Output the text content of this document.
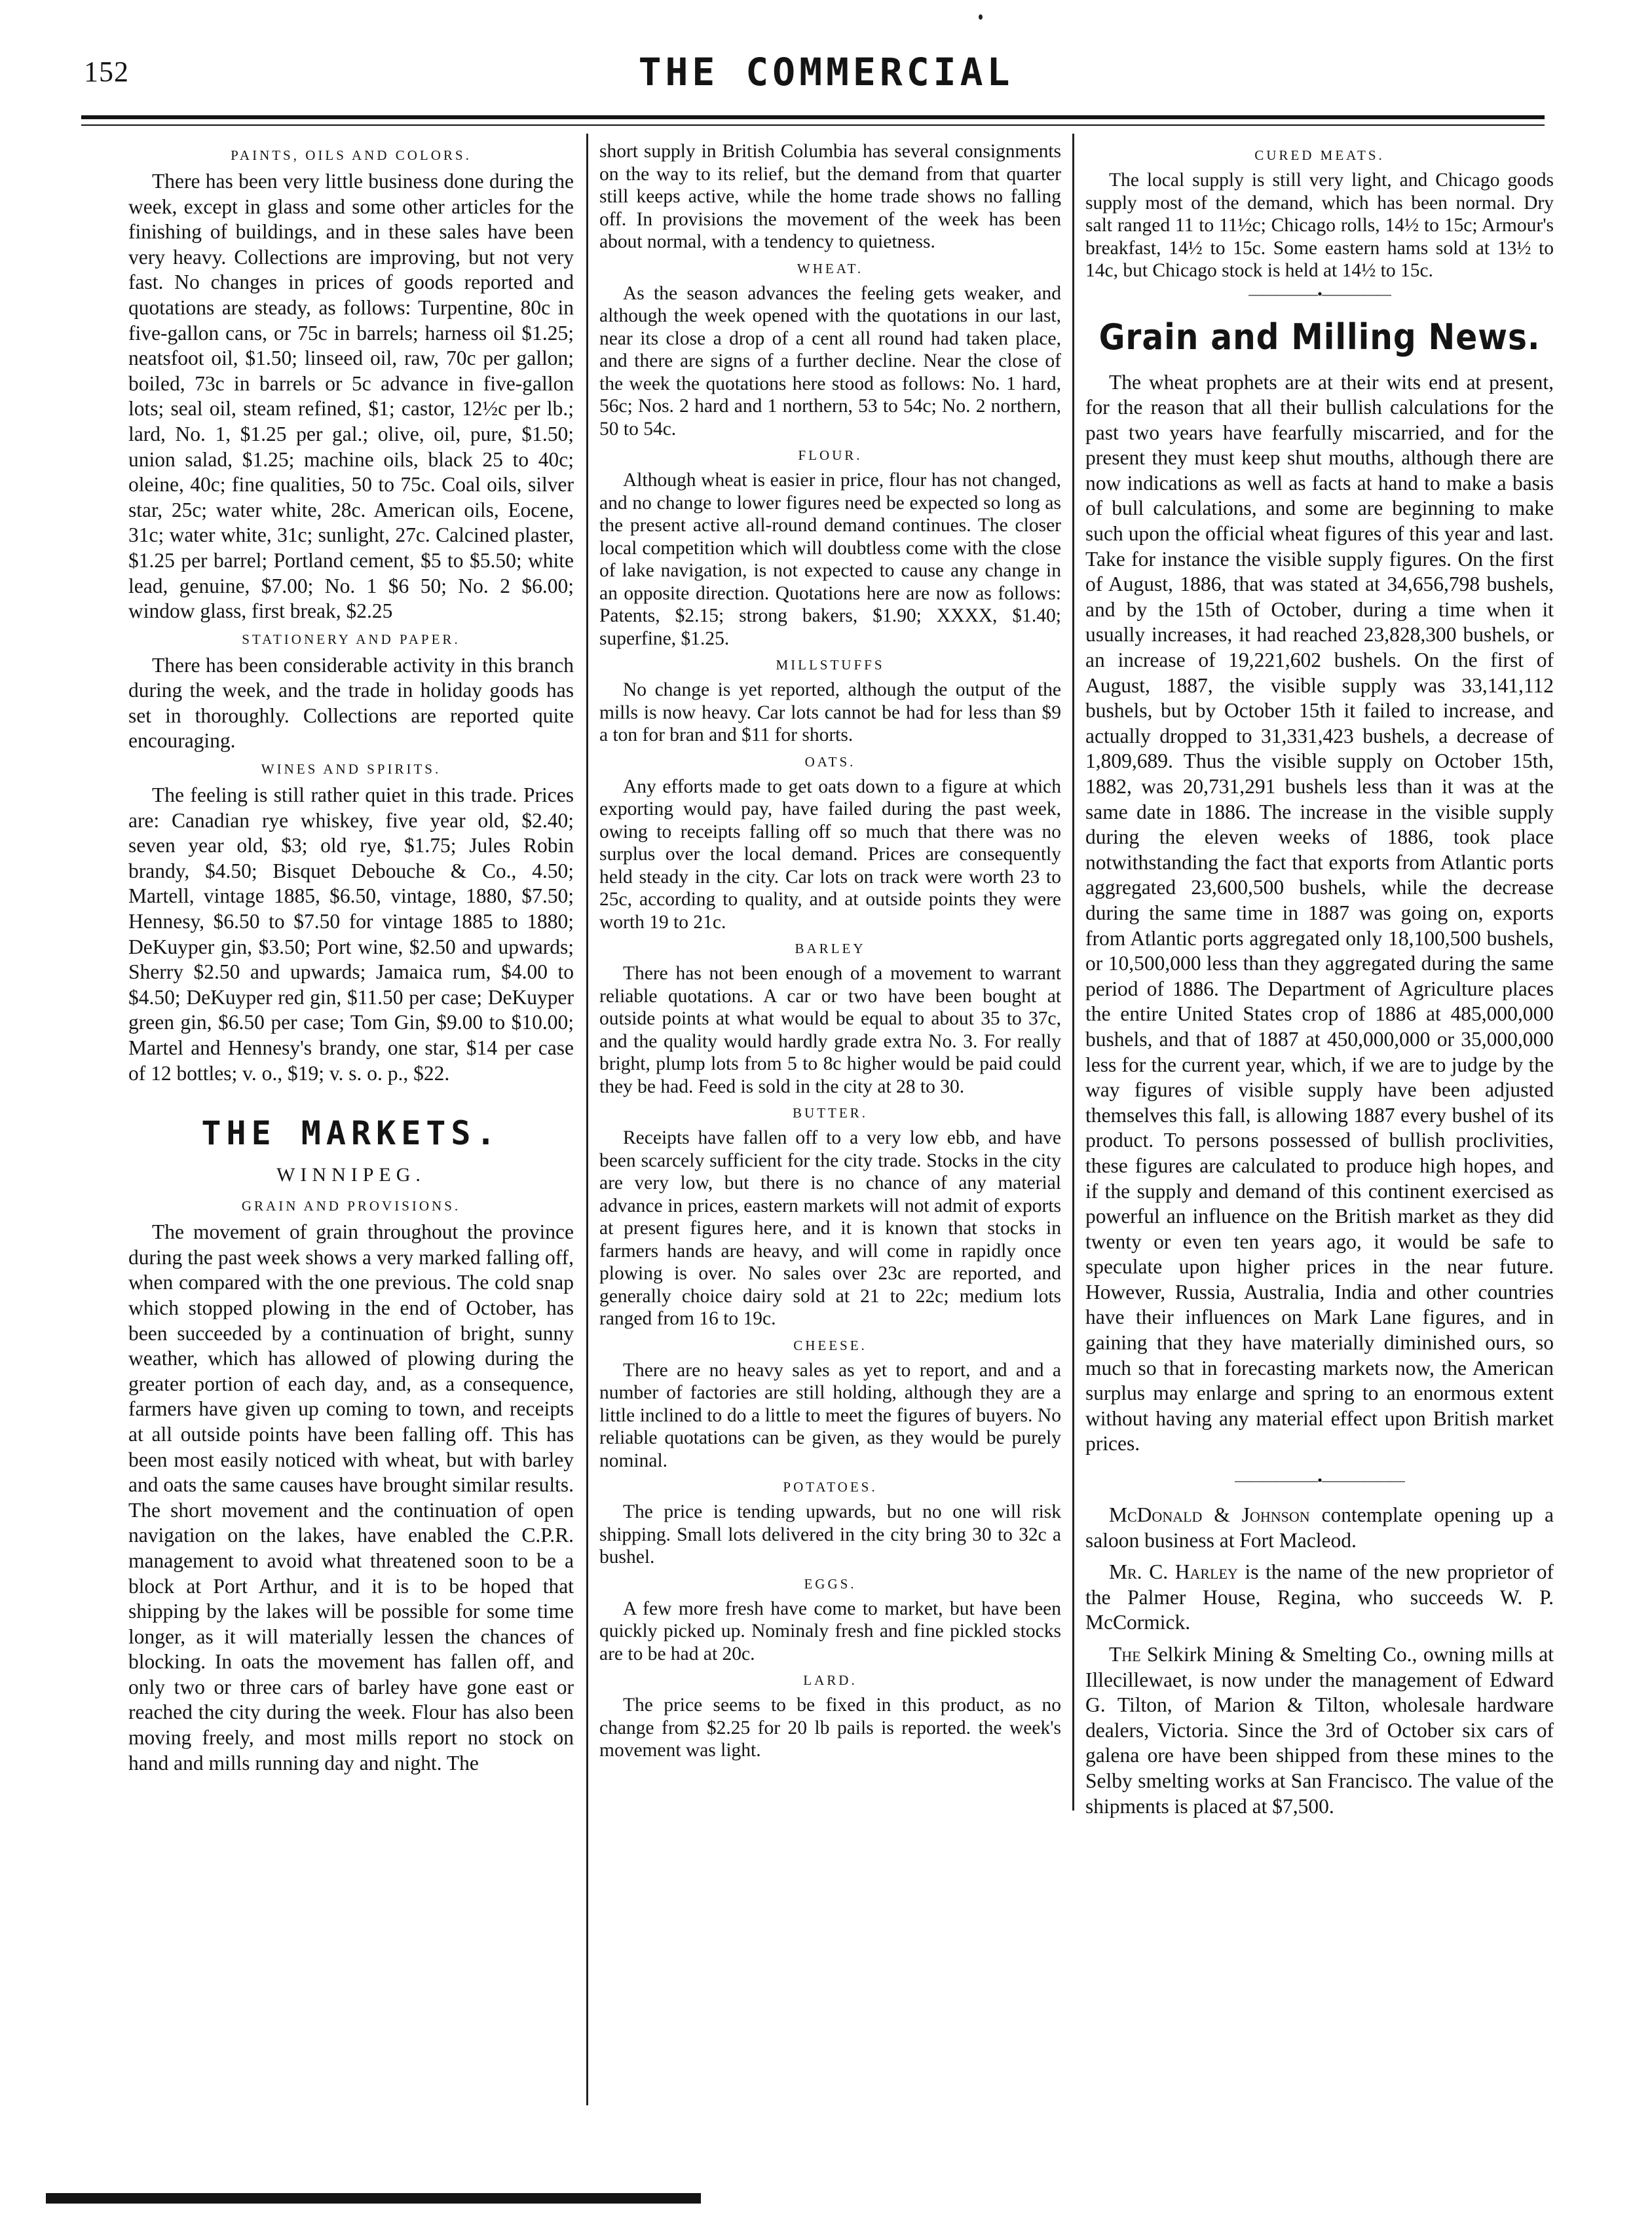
152	THE COMMERCIAL
PAINTS, OILS AND COLORS.

There has been very little business done during the week, except in glass and some other articles for the finishing of buildings, and in these sales have been very heavy. Collections are improving, but not very fast. No changes in prices of goods reported and quotations are steady, as follows: Turpentine, 80c in five-gallon cans, or 75c in barrels; harness oil $1.25; neatsfoot oil, $1.50; linseed oil, raw, 70c per gallon; boiled, 73c in barrels or 5c advance in five-gallon lots; seal oil, steam refined, $1; castor, 12½c per lb.; lard, No. 1, $1.25 per gal.; olive, oil, pure, $1.50; union salad, $1.25; machine oils, black 25 to 40c; oleine, 40c; fine qualities, 50 to 75c. Coal oils, silver star, 25c; water white, 28c. American oils, Eocene, 31c; water white, 31c; sunlight, 27c. Calcined plaster, $1.25 per barrel; Portland cement, $5 to $5.50; white lead, genuine, $7.00; No. 1 $6 50; No. 2 $6.00; window glass, first break, $2.25

STATIONERY AND PAPER.

There has been considerable activity in this branch during the week, and the trade in holiday goods has set in thoroughly. Collections are reported quite encouraging.

WINES AND SPIRITS.

The feeling is still rather quiet in this trade. Prices are: Canadian rye whiskey, five year old, $2.40; seven year old, $3; old rye, $1.75; Jules Robin brandy, $4.50; Bisquet Debouche & Co., 4.50; Martell, vintage 1885, $6.50, vintage, 1880, $7.50; Hennesy, $6.50 to $7.50 for vintage 1885 to 1880; DeKuyper gin, $3.50; Port wine, $2.50 and upwards; Sherry $2.50 and upwards; Jamaica rum, $4.00 to $4.50; DeKuyper red gin, $11.50 per case; DeKuyper green gin, $6.50 per case; Tom Gin, $9.00 to $10.00; Martel and Hennesy's brandy, one star, $14 per case of 12 bottles; v. o., $19; v. s. o. p., $22.

THE MARKETS.
WINNIPEG.
GRAIN AND PROVISIONS.

The movement of grain throughout the province during the past week shows a very marked falling off, when compared with the one previous. The cold snap which stopped plowing in the end of October, has been succeeded by a continuation of bright, sunny weather, which has allowed of plowing during the greater portion of each day, and, as a consequence, farmers have given up coming to town, and receipts at all outside points have been falling off. This has been most easily noticed with wheat, but with barley and oats the same causes have brought similar results. The short movement and the continuation of open navigation on the lakes, have enabled the C.P.R. management to avoid what threatened soon to be a block at Port Arthur, and it is to be hoped that shipping by the lakes will be possible for some time longer, as it will materially lessen the chances of blocking. In oats the movement has fallen off, and only two or three cars of barley have gone east or reached the city during the week. Flour has also been moving freely, and most mills report no stock on hand and mills running day and night. The

short supply in British Columbia has several consignments on the way to its relief, but the demand from that quarter still keeps active, while the home trade shows no falling off. In provisions the movement of the week has been about normal, with a tendency to quietness.

WHEAT.

As the season advances the feeling gets weaker, and although the week opened with the quotations in our last, near its close a drop of a cent all round had taken place, and there are signs of a further decline. Near the close of the week the quotations here stood as follows: No. 1 hard, 56c; Nos. 2 hard and 1 northern, 53 to 54c; No. 2 northern, 50 to 54c.

FLOUR.

Although wheat is easier in price, flour has not changed, and no change to lower figures need be expected so long as the present active all-round demand continues. The closer local competition which will doubtless come with the close of lake navigation, is not expected to cause any change in an opposite direction. Quotations here are now as follows: Patents, $2.15; strong bakers, $1.90; XXXX, $1.40; superfine, $1.25.

MILLSTUFFS

No change is yet reported, although the output of the mills is now heavy. Car lots cannot be had for less than $9 a ton for bran and $11 for shorts.

OATS.

Any efforts made to get oats down to a figure at which exporting would pay, have failed during the past week, owing to receipts falling off so much that there was no surplus over the local demand. Prices are consequently held steady in the city. Car lots on track were worth 23 to 25c, according to quality, and at outside points they were worth 19 to 21c.

BARLEY

There has not been enough of a movement to warrant reliable quotations. A car or two have been bought at outside points at what would be equal to about 35 to 37c, and the quality would hardly grade extra No. 3. For really bright, plump lots from 5 to 8c higher would be paid could they be had. Feed is sold in the city at 28 to 30.

BUTTER.

Receipts have fallen off to a very low ebb, and have been scarcely sufficient for the city trade. Stocks in the city are very low, but there is no chance of any material advance in prices, eastern markets will not admit of exports at present figures here, and it is known that stocks in farmers hands are heavy, and will come in rapidly once plowing is over. No sales over 23c are reported, and generally choice dairy sold at 21 to 22c; medium lots ranged from 16 to 19c.

CHEESE.

There are no heavy sales as yet to report, and and a number of factories are still holding, although they are a little inclined to do a little to meet the figures of buyers. No reliable quotations can be given, as they would be purely nominal.

POTATOES.

The price is tending upwards, but no one will risk shipping. Small lots delivered in the city bring 30 to 32c a bushel.

EGGS.

A few more fresh have come to market, but have been quickly picked up. Nominaly fresh and fine pickled stocks are to be had at 20c.

LARD.

The price seems to be fixed in this product, as no change from $2.25 for 20 lb pails is reported. the week's movement was light.

CURED MEATS.

The local supply is still very light, and Chicago goods supply most of the demand, which has been normal. Dry salt ranged 11 to 11½c; Chicago rolls, 14½ to 15c; Armour's breakfast, 14½ to 15c. Some eastern hams sold at 13½ to 14c, but Chicago stock is held at 14½ to 15c.

—————•—————
Grain and Milling News.

The wheat prophets are at their wits end at present, for the reason that all their bullish calculations for the past two years have fearfully miscarried, and for the present they must keep shut mouths, although there are now indications as well as facts at hand to make a basis of bull calculations, and some are beginning to make such upon the official wheat figures of this year and last. Take for instance the visible supply figures. On the first of August, 1886, that was stated at 34,656,798 bushels, and by the 15th of October, during a time when it usually increases, it had reached 23,828,300 bushels, or an increase of 19,221,602 bushels. On the first of August, 1887, the visible supply was 33,141,112 bushels, but by October 15th it failed to increase, and actually dropped to 31,331,423 bushels, a decrease of 1,809,689. Thus the visible supply on October 15th, 1882, was 20,731,291 bushels less than it was at the same date in 1886. The increase in the visible supply during the eleven weeks of 1886, took place notwithstanding the fact that exports from Atlantic ports aggregated 23,600,500 bushels, while the decrease during the same time in 1887 was going on, exports from Atlantic ports aggregated only 18,100,500 bushels, or 10,500,000 less than they aggregated during the same period of 1886. The Department of Agriculture places the entire United States crop of 1886 at 485,000,000 bushels, and that of 1887 at 450,000,000 or 35,000,000 less for the current year, which, if we are to judge by the way figures of visible supply have been adjusted themselves this fall, is allowing 1887 every bushel of its product. To persons possessed of bullish proclivities, these figures are calculated to produce high hopes, and if the supply and demand of this continent exercised as powerful an influence on the British market as they did twenty or even ten years ago, it would be safe to speculate upon higher prices in the near future. However, Russia, Australia, India and other countries have their influences on Mark Lane figures, and in gaining that they have materially diminished ours, so much so that in forecasting markets now, the American surplus may enlarge and spring to an enormous extent without having any material effect upon British market prices.

——————•——————

McDonald & Johnson contemplate opening up a saloon business at Fort Macleod.

Mr. C. Harley is the name of the new proprietor of the Palmer House, Regina, who succeeds W. P. McCormick.

The Selkirk Mining & Smelting Co., owning mills at Illecillewaet, is now under the management of Edward G. Tilton, of Marion & Tilton, wholesale hardware dealers, Victoria. Since the 3rd of October six cars of galena ore have been shipped from these mines to the Selby smelting works at San Francisco. The value of the shipments is placed at $7,500.
